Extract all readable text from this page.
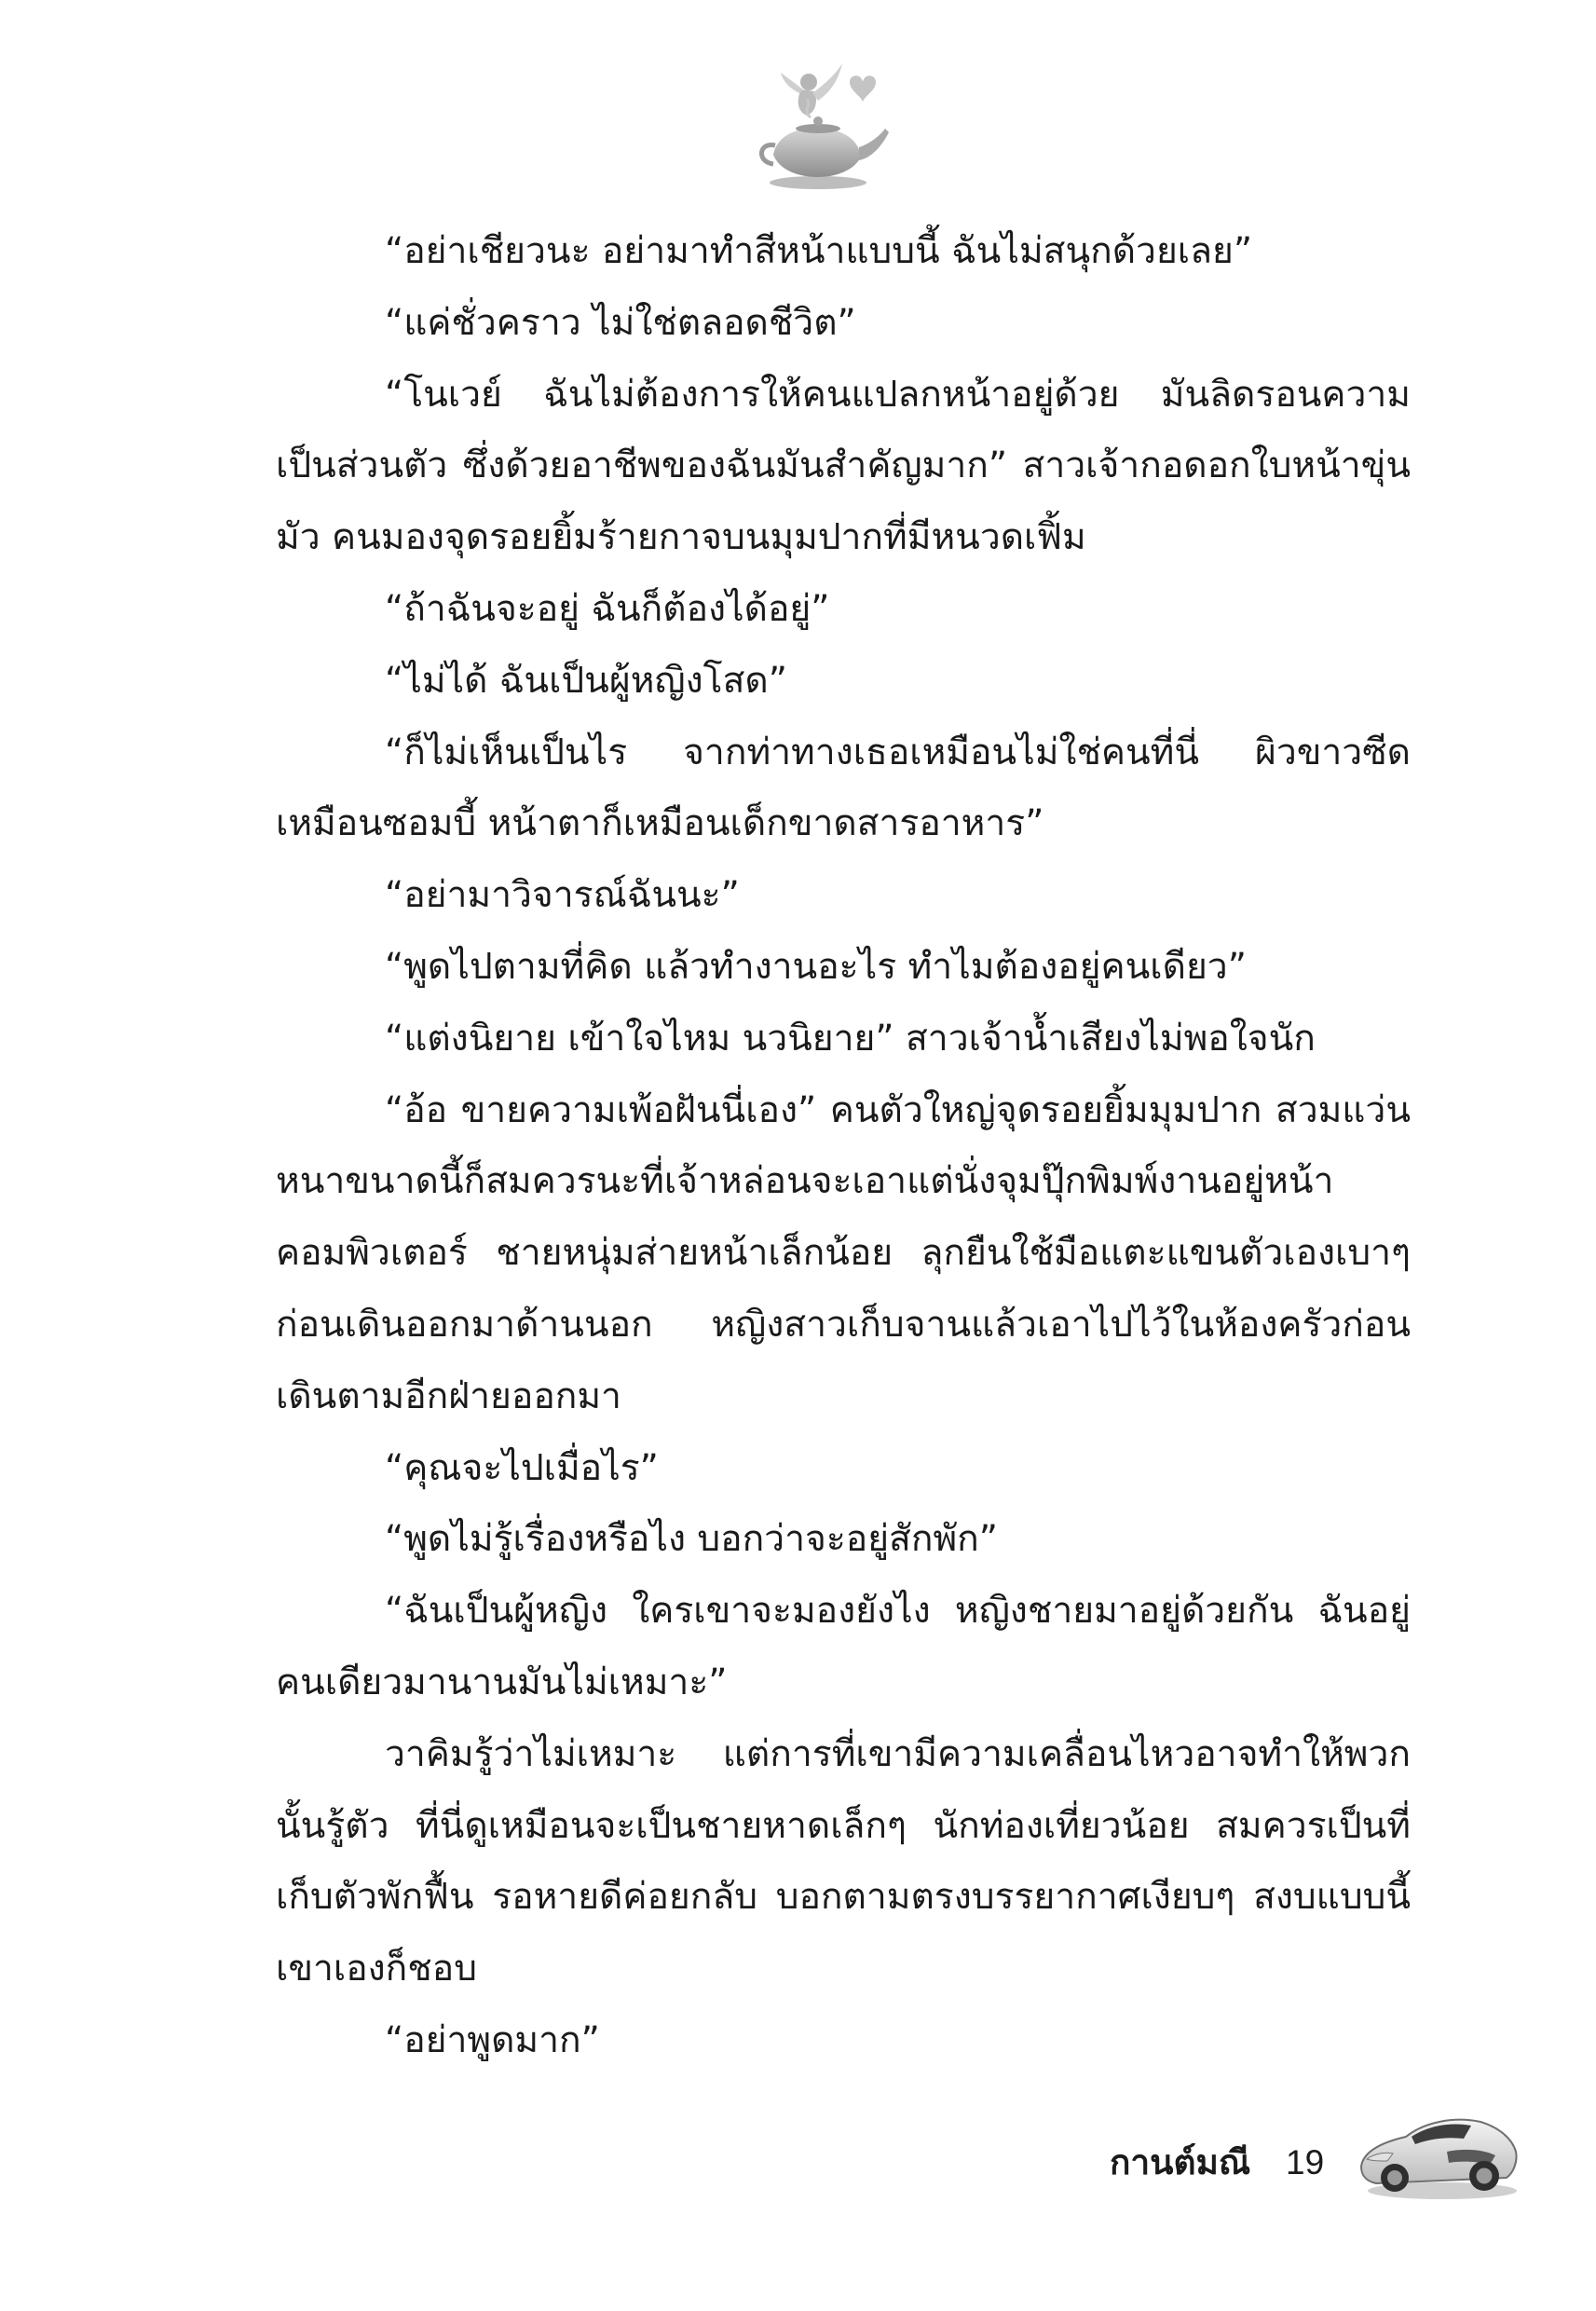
“อย่าเชียวนะ อย่ามาทำสีหน้าแบบนี้ ฉันไม่สนุกด้วยเลย”

“แค่ชั่วคราว ไม่ใช่ตลอดชีวิต”

“โนเวย์ ฉันไม่ต้องการให้คนแปลกหน้าอยู่ด้วย มันลิดรอนความเป็นส่วนตัว ซึ่งด้วยอาชีพของฉันมันสำคัญมาก” สาวเจ้ากอดอกใบหน้าขุ่นมัว คนมองจุดรอยยิ้มร้ายกาจบนมุมปากที่มีหนวดเฟิ้ม

“ถ้าฉันจะอยู่ ฉันก็ต้องได้อยู่”

“ไม่ได้ ฉันเป็นผู้หญิงโสด”

“ก็ไม่เห็นเป็นไร จากท่าทางเธอเหมือนไม่ใช่คนที่นี่ ผิวขาวซีดเหมือนซอมบี้ หน้าตาก็เหมือนเด็กขาดสารอาหาร”

“อย่ามาวิจารณ์ฉันนะ”

“พูดไปตามที่คิด แล้วทำงานอะไร ทำไมต้องอยู่คนเดียว”

“แต่งนิยาย เข้าใจไหม นวนิยาย” สาวเจ้าน้ำเสียงไม่พอใจนัก

“อ้อ ขายความเพ้อฝันนี่เอง” คนตัวใหญ่จุดรอยยิ้มมุมปาก สวมแว่นหนาขนาดนี้ก็สมควรนะที่เจ้าหล่อนจะเอาแต่นั่งจุมปุ๊กพิมพ์งานอยู่หน้าคอมพิวเตอร์ ชายหนุ่มส่ายหน้าเล็กน้อย ลุกยืนใช้มือแตะแขนตัวเองเบาๆ ก่อนเดินออกมาด้านนอก หญิงสาวเก็บจานแล้วเอาไปไว้ในห้องครัวก่อนเดินตามอีกฝ่ายออกมา

“คุณจะไปเมื่อไร”

“พูดไม่รู้เรื่องหรือไง บอกว่าจะอยู่สักพัก”

“ฉันเป็นผู้หญิง ใครเขาจะมองยังไง หญิงชายมาอยู่ด้วยกัน ฉันอยู่คนเดียวมานานมันไม่เหมาะ”

วาคิมรู้ว่าไม่เหมาะ แต่การที่เขามีความเคลื่อนไหวอาจทำให้พวกนั้นรู้ตัว ที่นี่ดูเหมือนจะเป็นชายหาดเล็กๆ นักท่องเที่ยวน้อย สมควรเป็นที่เก็บตัวพักฟื้น รอหายดีค่อยกลับ บอกตามตรงบรรยากาศเงียบๆ สงบแบบนี้เขาเองก็ชอบ

“อย่าพูดมาก”

กานต์มณี 19
